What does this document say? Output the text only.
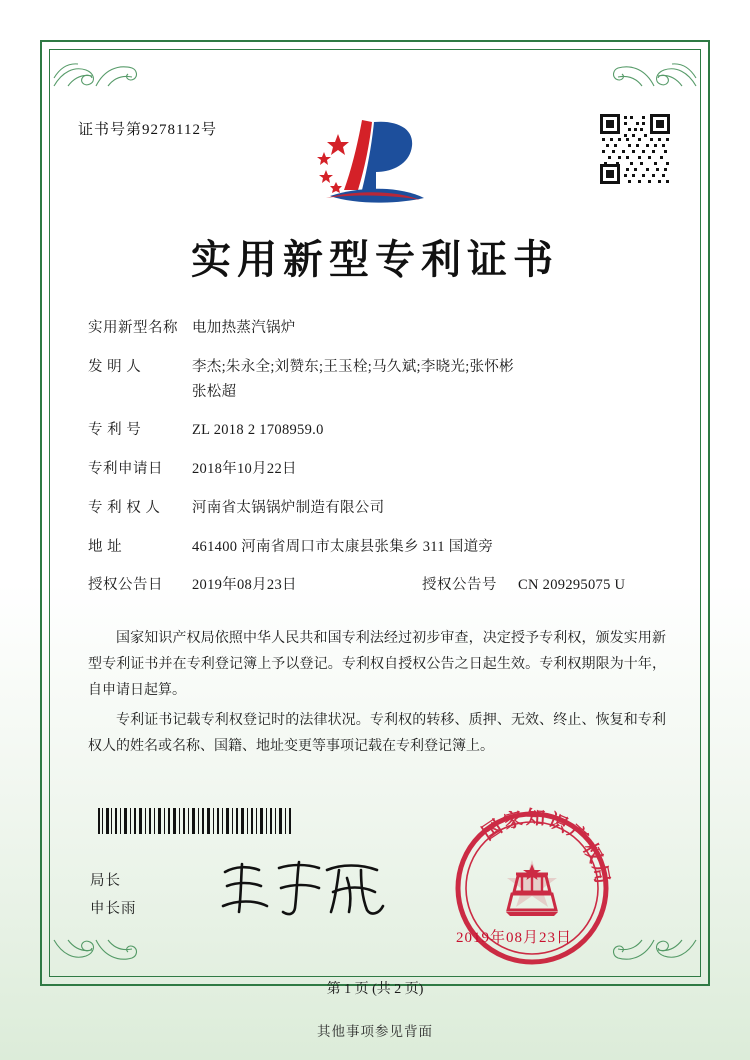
证书号第9278112号
实用新型专利证书
实用新型名称 电加热蒸汽锅炉
发 明 人	李杰;朱永全;刘赞东;王玉栓;马久斌;李晓光;张怀彬
张松超
专 利 号	ZL 2018 2 1708959.0
专利申请日	2018年10月22日
专 利 权 人	河南省太锅锅炉制造有限公司
地 址	461400 河南省周口市太康县张集乡 311 国道旁
授权公告日	2019年08月23日	授权公告号	CN 209295075 U

国家知识产权局依照中华人民共和国专利法经过初步审查，决定授予专利权，颁发实用新型专利证书并在专利登记簿上予以登记。专利权自授权公告之日起生效。专利权期限为十年，自申请日起算。

专利证书记载专利权登记时的法律状况。专利权的转移、质押、无效、终止、恢复和专利权人的姓名或名称、国籍、地址变更等事项记载在专利登记簿上。

局长
申长雨
国家知识产权局
2019年08月23日
第 1 页 (共 2 页)
其他事项参见背面
